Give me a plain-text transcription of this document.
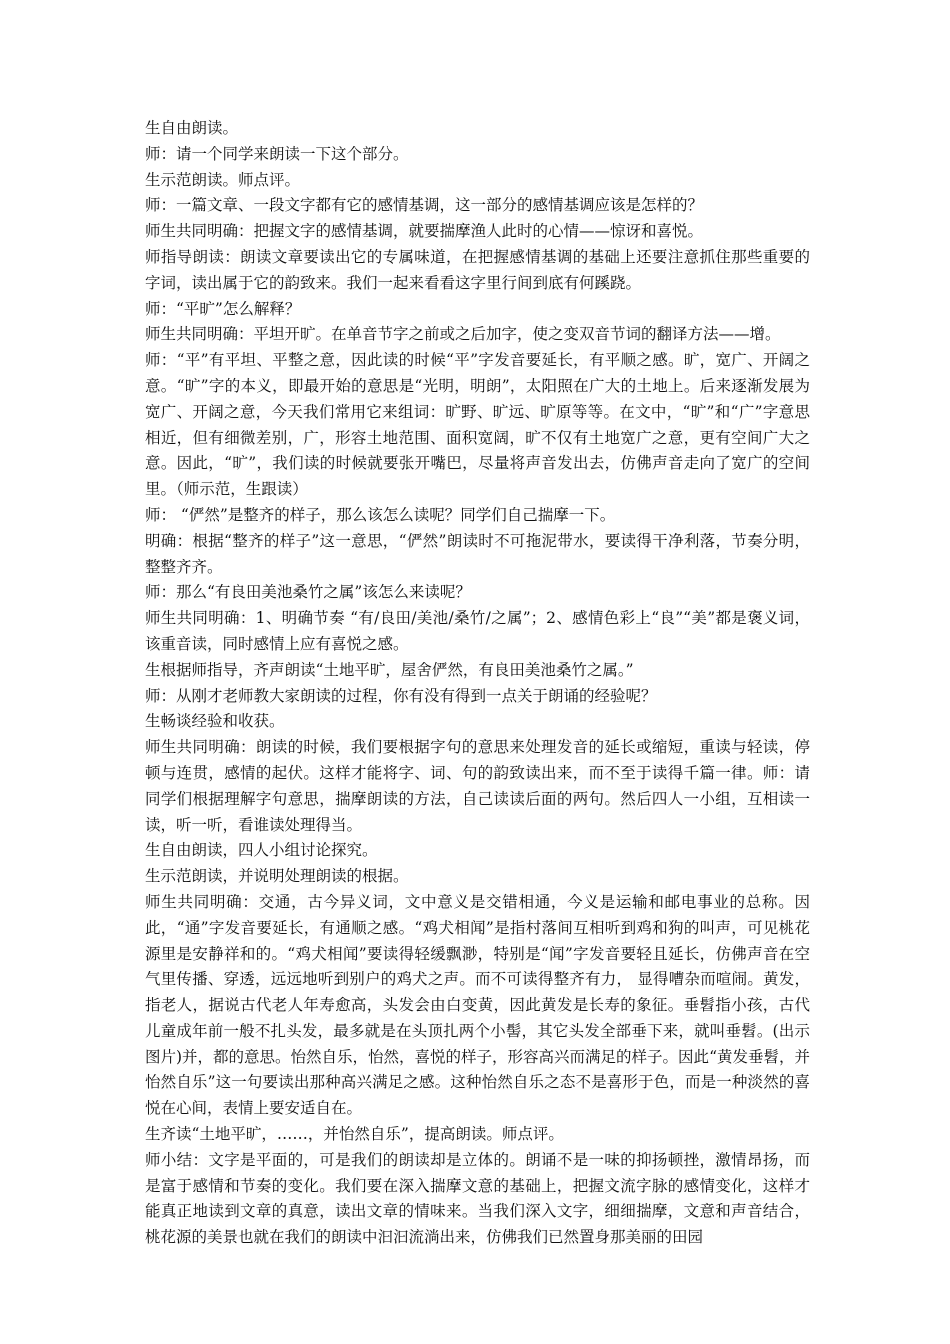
生自由朗读。

师：请一个同学来朗读一下这个部分。

生示范朗读。师点评。

师：一篇文章、一段文字都有它的感情基调，这一部分的感情基调应该是怎样的？

师生共同明确：把握文字的感情基调，就要揣摩渔人此时的心情——惊讶和喜悦。

师指导朗读：朗读文章要读出它的专属味道，在把握感情基调的基础上还要注意抓住那些重要的字词，读出属于它的韵致来。我们一起来看看这字里行间到底有何蹊跷。

师：“平旷”怎么解释？

师生共同明确：平坦开旷。在单音节字之前或之后加字，使之变双音节词的翻译方法——增。

师：“平”有平坦、平整之意，因此读的时候“平”字发音要延长，有平顺之感。旷，宽广、开阔之意。“旷”字的本义，即最开始的意思是“光明，明朗”，太阳照在广大的土地上。后来逐渐发展为宽广、开阔之意，今天我们常用它来组词：旷野、旷远、旷原等等。在文中，“旷”和“广”字意思相近，但有细微差别，广，形容土地范围、面积宽阔，旷不仅有土地宽广之意，更有空间广大之意。因此，“旷”，我们读的时候就要张开嘴巴，尽量将声音发出去，仿佛声音走向了宽广的空间里。（师示范，生跟读）

师： “俨然”是整齐的样子，那么该怎么读呢？同学们自己揣摩一下。

明确：根据“整齐的样子”这一意思，“俨然”朗读时不可拖泥带水，要读得干净利落，节奏分明，整整齐齐。

师：那么“有良田美池桑竹之属”该怎么来读呢？

师生共同明确：1、明确节奏 “有/良田/美池/桑竹/之属”；2、感情色彩上“良”“美”都是褒义词，该重音读，同时感情上应有喜悦之感。

生根据师指导，齐声朗读“土地平旷，屋舍俨然，有良田美池桑竹之属。”

师：从刚才老师教大家朗读的过程，你有没有得到一点关于朗诵的经验呢？

生畅谈经验和收获。

师生共同明确：朗读的时候，我们要根据字句的意思来处理发音的延长或缩短，重读与轻读，停顿与连贯，感情的起伏。这样才能将字、词、句的韵致读出来，而不至于读得千篇一律。师：请同学们根据理解字句意思，揣摩朗读的方法，自己读读后面的两句。然后四人一小组，互相读一读，听一听，看谁读处理得当。

生自由朗读，四人小组讨论探究。

生示范朗读，并说明处理朗读的根据。

师生共同明确：交通，古今异义词，文中意义是交错相通，今义是运输和邮电事业的总称。因此，“通”字发音要延长，有通顺之感。“鸡犬相闻”是指村落间互相听到鸡和狗的叫声，可见桃花源里是安静祥和的。“鸡犬相闻”要读得轻缓飘渺，特别是“闻”字发音要轻且延长，仿佛声音在空气里传播、穿透，远远地听到别户的鸡犬之声。而不可读得整齐有力， 显得嘈杂而喧闹。黄发，指老人，据说古代老人年寿愈高，头发会由白变黄，因此黄发是长寿的象征。垂髫指小孩，古代儿童成年前一般不扎头发，最多就是在头顶扎两个小髻，其它头发全部垂下来，就叫垂髫。(出示图片)并，都的意思。怡然自乐，怡然，喜悦的样子，形容高兴而满足的样子。因此“黄发垂髫，并怡然自乐”这一句要读出那种高兴满足之感。这种怡然自乐之态不是喜形于色，而是一种淡然的喜悦在心间，表情上要安适自在。

生齐读“土地平旷，……，并怡然自乐”，提高朗读。师点评。

师小结：文字是平面的，可是我们的朗读却是立体的。朗诵不是一味的抑扬顿挫，激情昂扬，而是富于感情和节奏的变化。我们要在深入揣摩文意的基础上，把握文流字脉的感情变化，这样才能真正地读到文章的真意，读出文章的情味来。当我们深入文字，细细揣摩，文意和声音结合，桃花源的美景也就在我们的朗读中汩汩流淌出来，仿佛我们已然置身那美丽的田园
